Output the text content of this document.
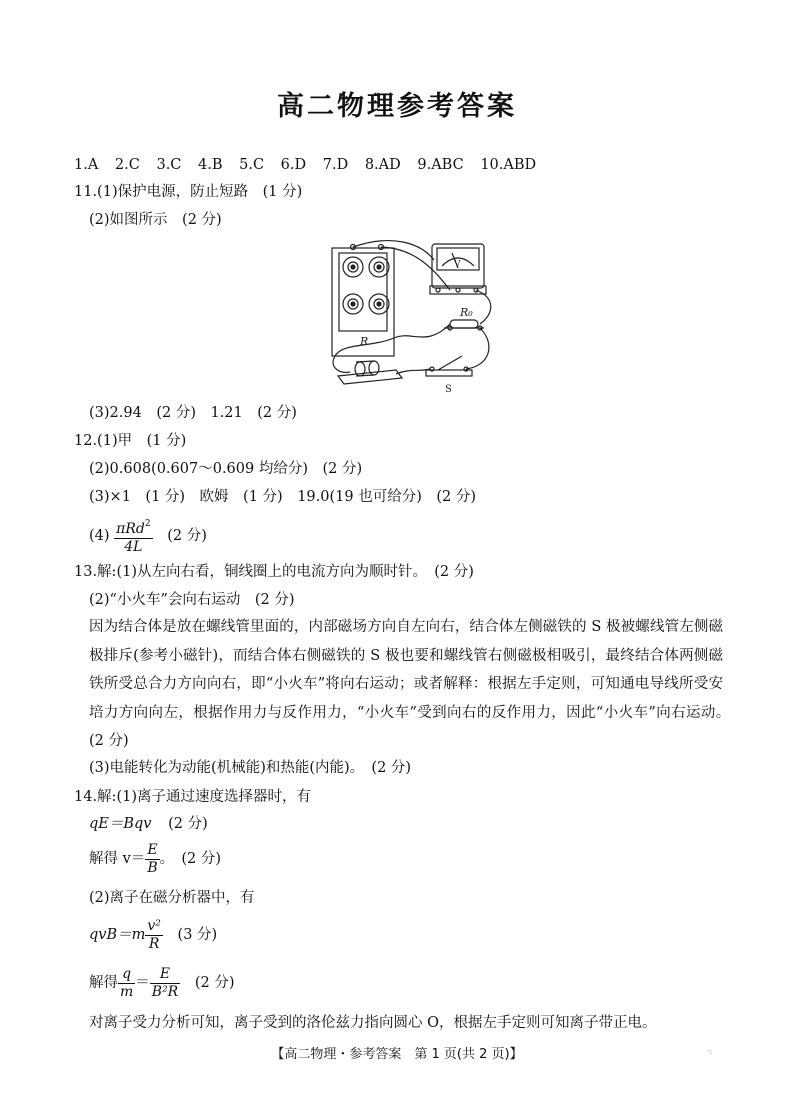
高二物理参考答案
1.A 2.C 3.C 4.B 5.C 6.D 7.D 8.AD 9.ABC 10.ABD
11.(1)保护电源，防止短路　(1 分)
(2)如图所示　(2 分)
R₀
R
S
V
(3)2.94　(2 分)　1.21　(2 分)
12.(1)甲　(1 分)
(2)0.608(0.607～0.609 均给分)　(2 分)
(3)×1　(1 分)　欧姆　(1 分)　19.0(19 也可给分)　(2 分)
$(4) \frac{\pi Rd^2}{4L} (2$ 分)
13.解:(1)从左向右看，铜线圈上的电流方向为顺时针。　(2 分)
(2)“小火车”会向右运动　(2 分)
因为结合体是放在螺线管里面的，内部磁场方向自左向右，结合体左侧磁铁的 S 极被螺线管左侧磁极排斥(参考小磁针)，而结合体右侧磁铁的 S 极也要和螺线管右侧磁极相吸引，最终结合体两侧磁铁所受总合力方向向右，即“小火车”将向右运动；或者解释：根据左手定则，可知通电导线所受安培力方向向左，根据作用力与反作用力，“小火车”受到向右的反作用力，因此“小火车”向右运动。　(2 分)
(3)电能转化为动能(机械能)和热能(内能)。　(2 分)
14.解:(1)离子通过速度选择器时，有
qE＝Bqv (2 分)
解得 $v= \frac{E}{B}$ 。　(2 分)
(2)离子在磁分析器中，有
$qvB=m \frac{\text{v²}}{R} (3$ 分)
解得 $\frac{q}{m} = \frac{E}{\text{B²R}} (2$ 分)
对离子受力分析可知，离子受到的洛伦兹力指向圆心 O，根据左手定则可知离子带正电。
【高二物理・参考答案　第 1 页(共 2 页)】	·:
